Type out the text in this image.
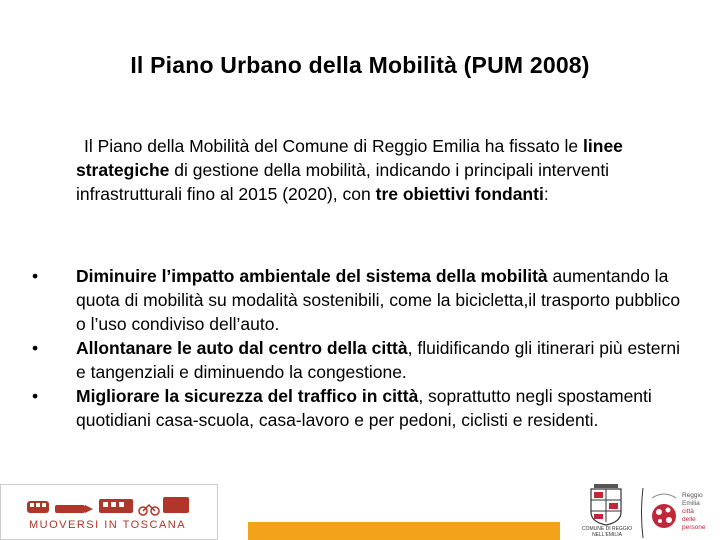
Il Piano Urbano della Mobilità (PUM 2008)
Il Piano della Mobilità del Comune di Reggio Emilia ha fissato le linee strategiche di gestione della mobilità, indicando i principali interventi infrastrutturali fino al 2015 (2020), con tre obiettivi fondanti:
• Diminuire l’impatto ambientale del sistema della mobilità aumentando la quota di mobilità su modalità sostenibili, come la bicicletta,il trasporto pubblico o l’uso condiviso dell’auto.
• Allontanare le auto dal centro della città, fluidificando gli itinerari più esterni e tangenziali e diminuendo la congestione.
• Migliorare la sicurezza del traffico in città, soprattutto negli spostamenti quotidiani casa-scuola, casa-lavoro e per pedoni, ciclisti e residenti.
MUOVERSI IN TOSCANA	COMUNE DI REGGIO NELL'EMILIA
Reggio Emilia
città
delle persone
